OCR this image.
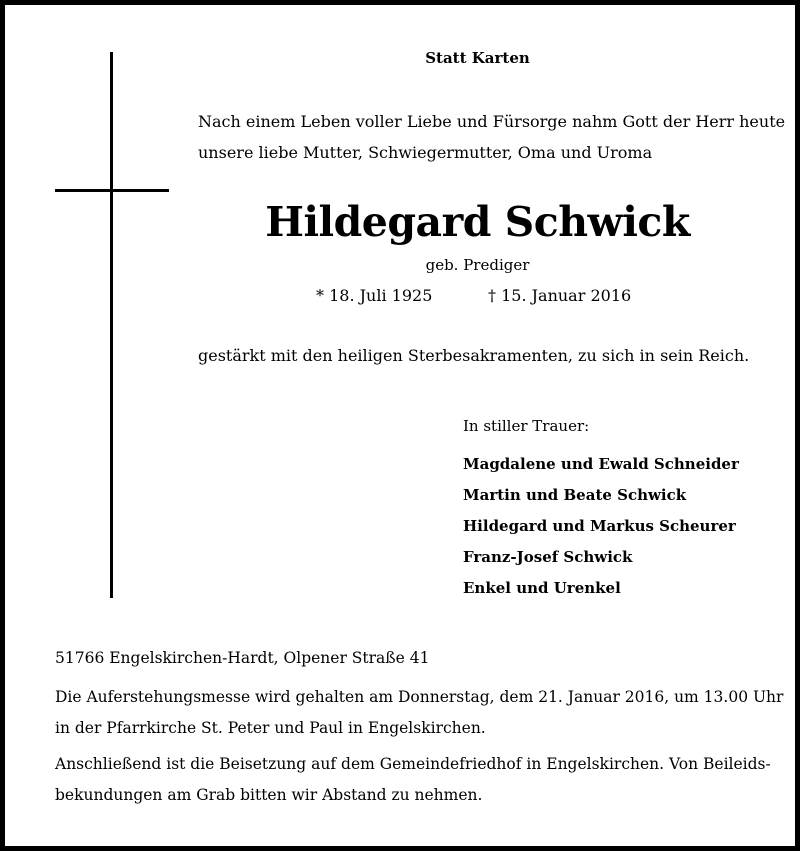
Statt Karten
Nach einem Leben voller Liebe und Fürsorge nahm Gott der Herr heute
unsere liebe Mutter, Schwiegermutter, Oma und Uroma
Hildegard Schwick
geb. Prediger
* 18. Juli 1925	† 15. Januar 2016
gestärkt mit den heiligen Sterbesakramenten, zu sich in sein Reich.
In stiller Trauer:
Magdalene und Ewald Schneider
Martin und Beate Schwick
Hildegard und Markus Scheurer
Franz-Josef Schwick
Enkel und Urenkel
51766 Engelskirchen-Hardt, Olpener Straße 41
Die Auferstehungsmesse wird gehalten am Donnerstag, dem 21. Januar 2016, um 13.00 Uhr
in der Pfarrkirche St. Peter und Paul in Engelskirchen.
Anschließend ist die Beisetzung auf dem Gemeindefriedhof in Engelskirchen. Von Beileids-
bekundungen am Grab bitten wir Abstand zu nehmen.
